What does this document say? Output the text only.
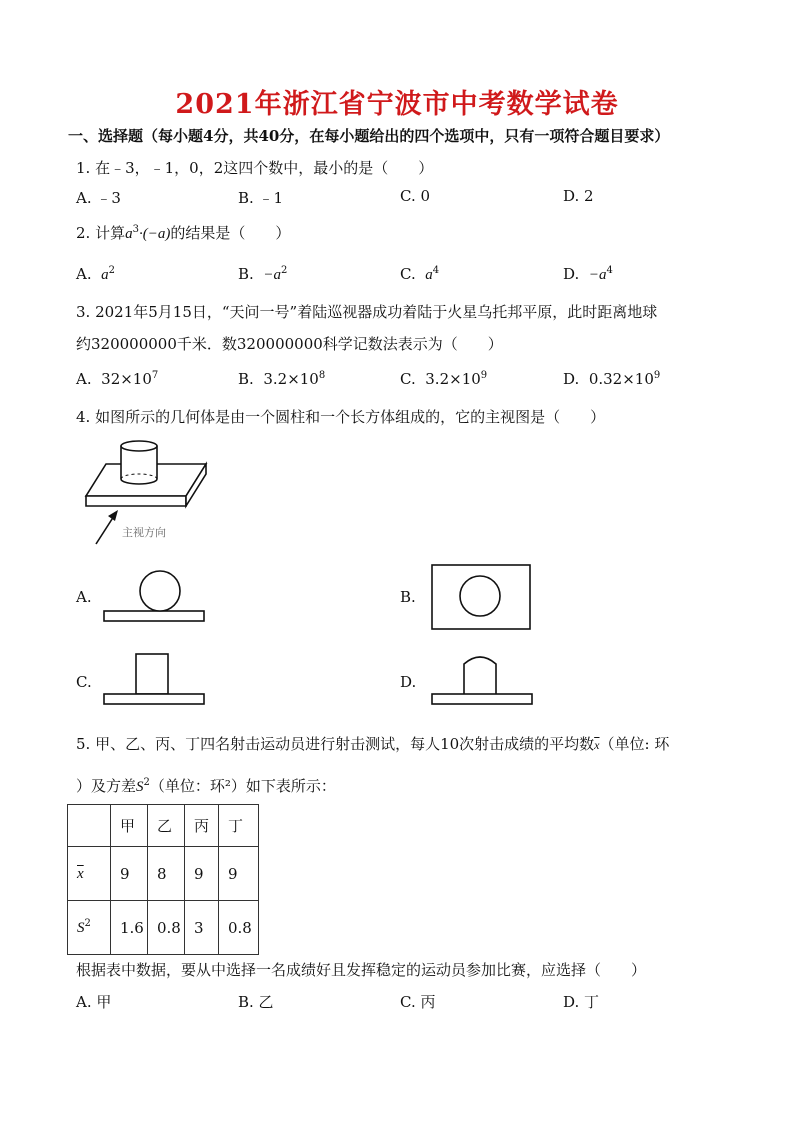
2021年浙江省宁波市中考数学试卷
一、选择题（每小题4分，共40分，在每小题给出的四个选项中，只有一项符合题目要求）
1. 在﹣3，﹣1，0，2这四个数中，最小的是（　　）
A. ﹣3	B. ﹣1	C. 0	D. 2
2. 计算$a^3\cdot(-a)$的结果是（　　）
A. $a^2$	B. $-a^2$	C. $a^4$	D. $-a^4$
3. 2021年5月15日，“天问一号”着陆巡视器成功着陆于火星乌托邦平原，此时距离地球
约320000000千米．数320000000科学记数法表示为（　　）
A. $32\times 10^7$	B. $3.2\times 10^8$	C. $3.2\times 10^9$	D. $0.32\times 10^9$
4. 如图所示的几何体是由一个圆柱和一个长方体组成的，它的主视图是（　　）
主视方向
A.	B.
C.	D.
5. 甲、乙、丙、丁四名射击运动员进行射击测试，每人10次射击成绩的平均数$\overline{x}$（单位: 环
）及方差$S^2$（单位：环²）如下表所示：
	甲	乙	丙	丁
$\overline{x}$	9	8	9	9
$S^2$	1.6	0.8	3	0.8
根据表中数据，要从中选择一名成绩好且发挥稳定的运动员参加比赛，应选择（　　）
A. 甲	B. 乙	C. 丙	D. 丁
